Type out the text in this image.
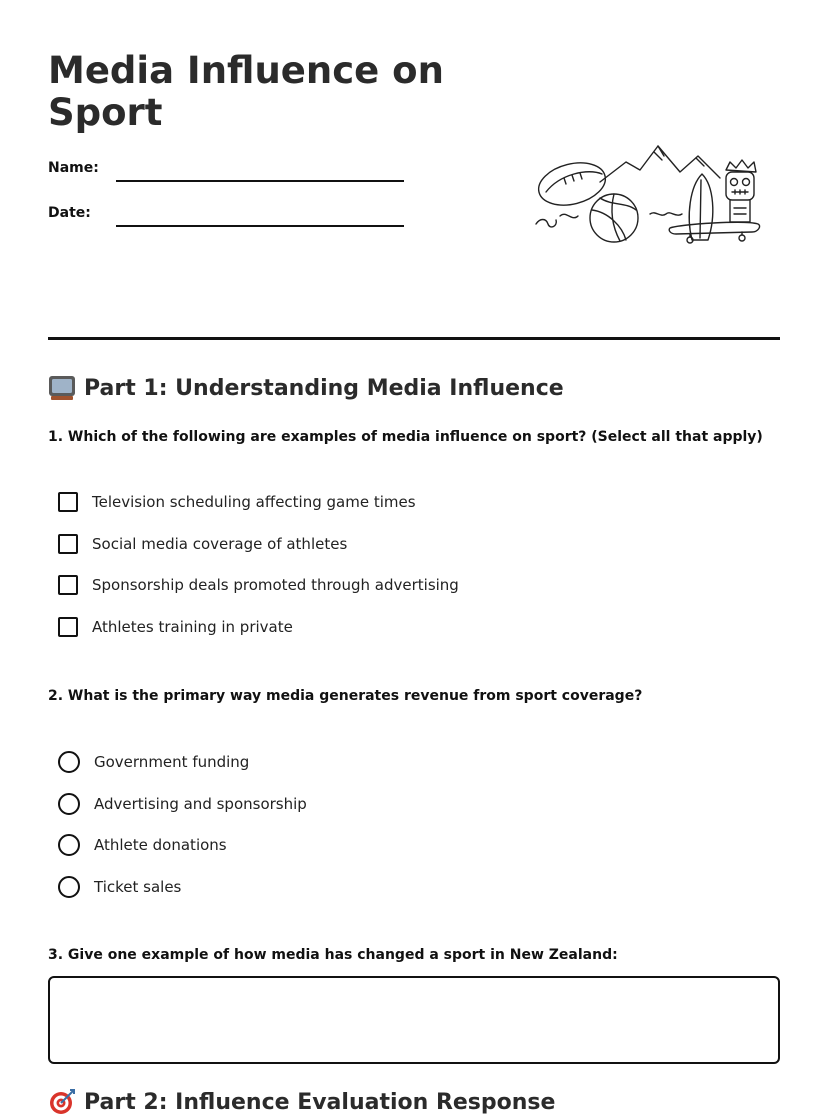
Media Influence on Sport
Name:
Date:
Part 1: Understanding Media Influence
1. Which of the following are examples of media influence on sport? (Select all that apply)
Television scheduling affecting game times
Social media coverage of athletes
Sponsorship deals promoted through advertising
Athletes training in private
2. What is the primary way media generates revenue from sport coverage?
Government funding
Advertising and sponsorship
Athlete donations
Ticket sales
3. Give one example of how media has changed a sport in New Zealand:
Part 2: Influence Evaluation Response
